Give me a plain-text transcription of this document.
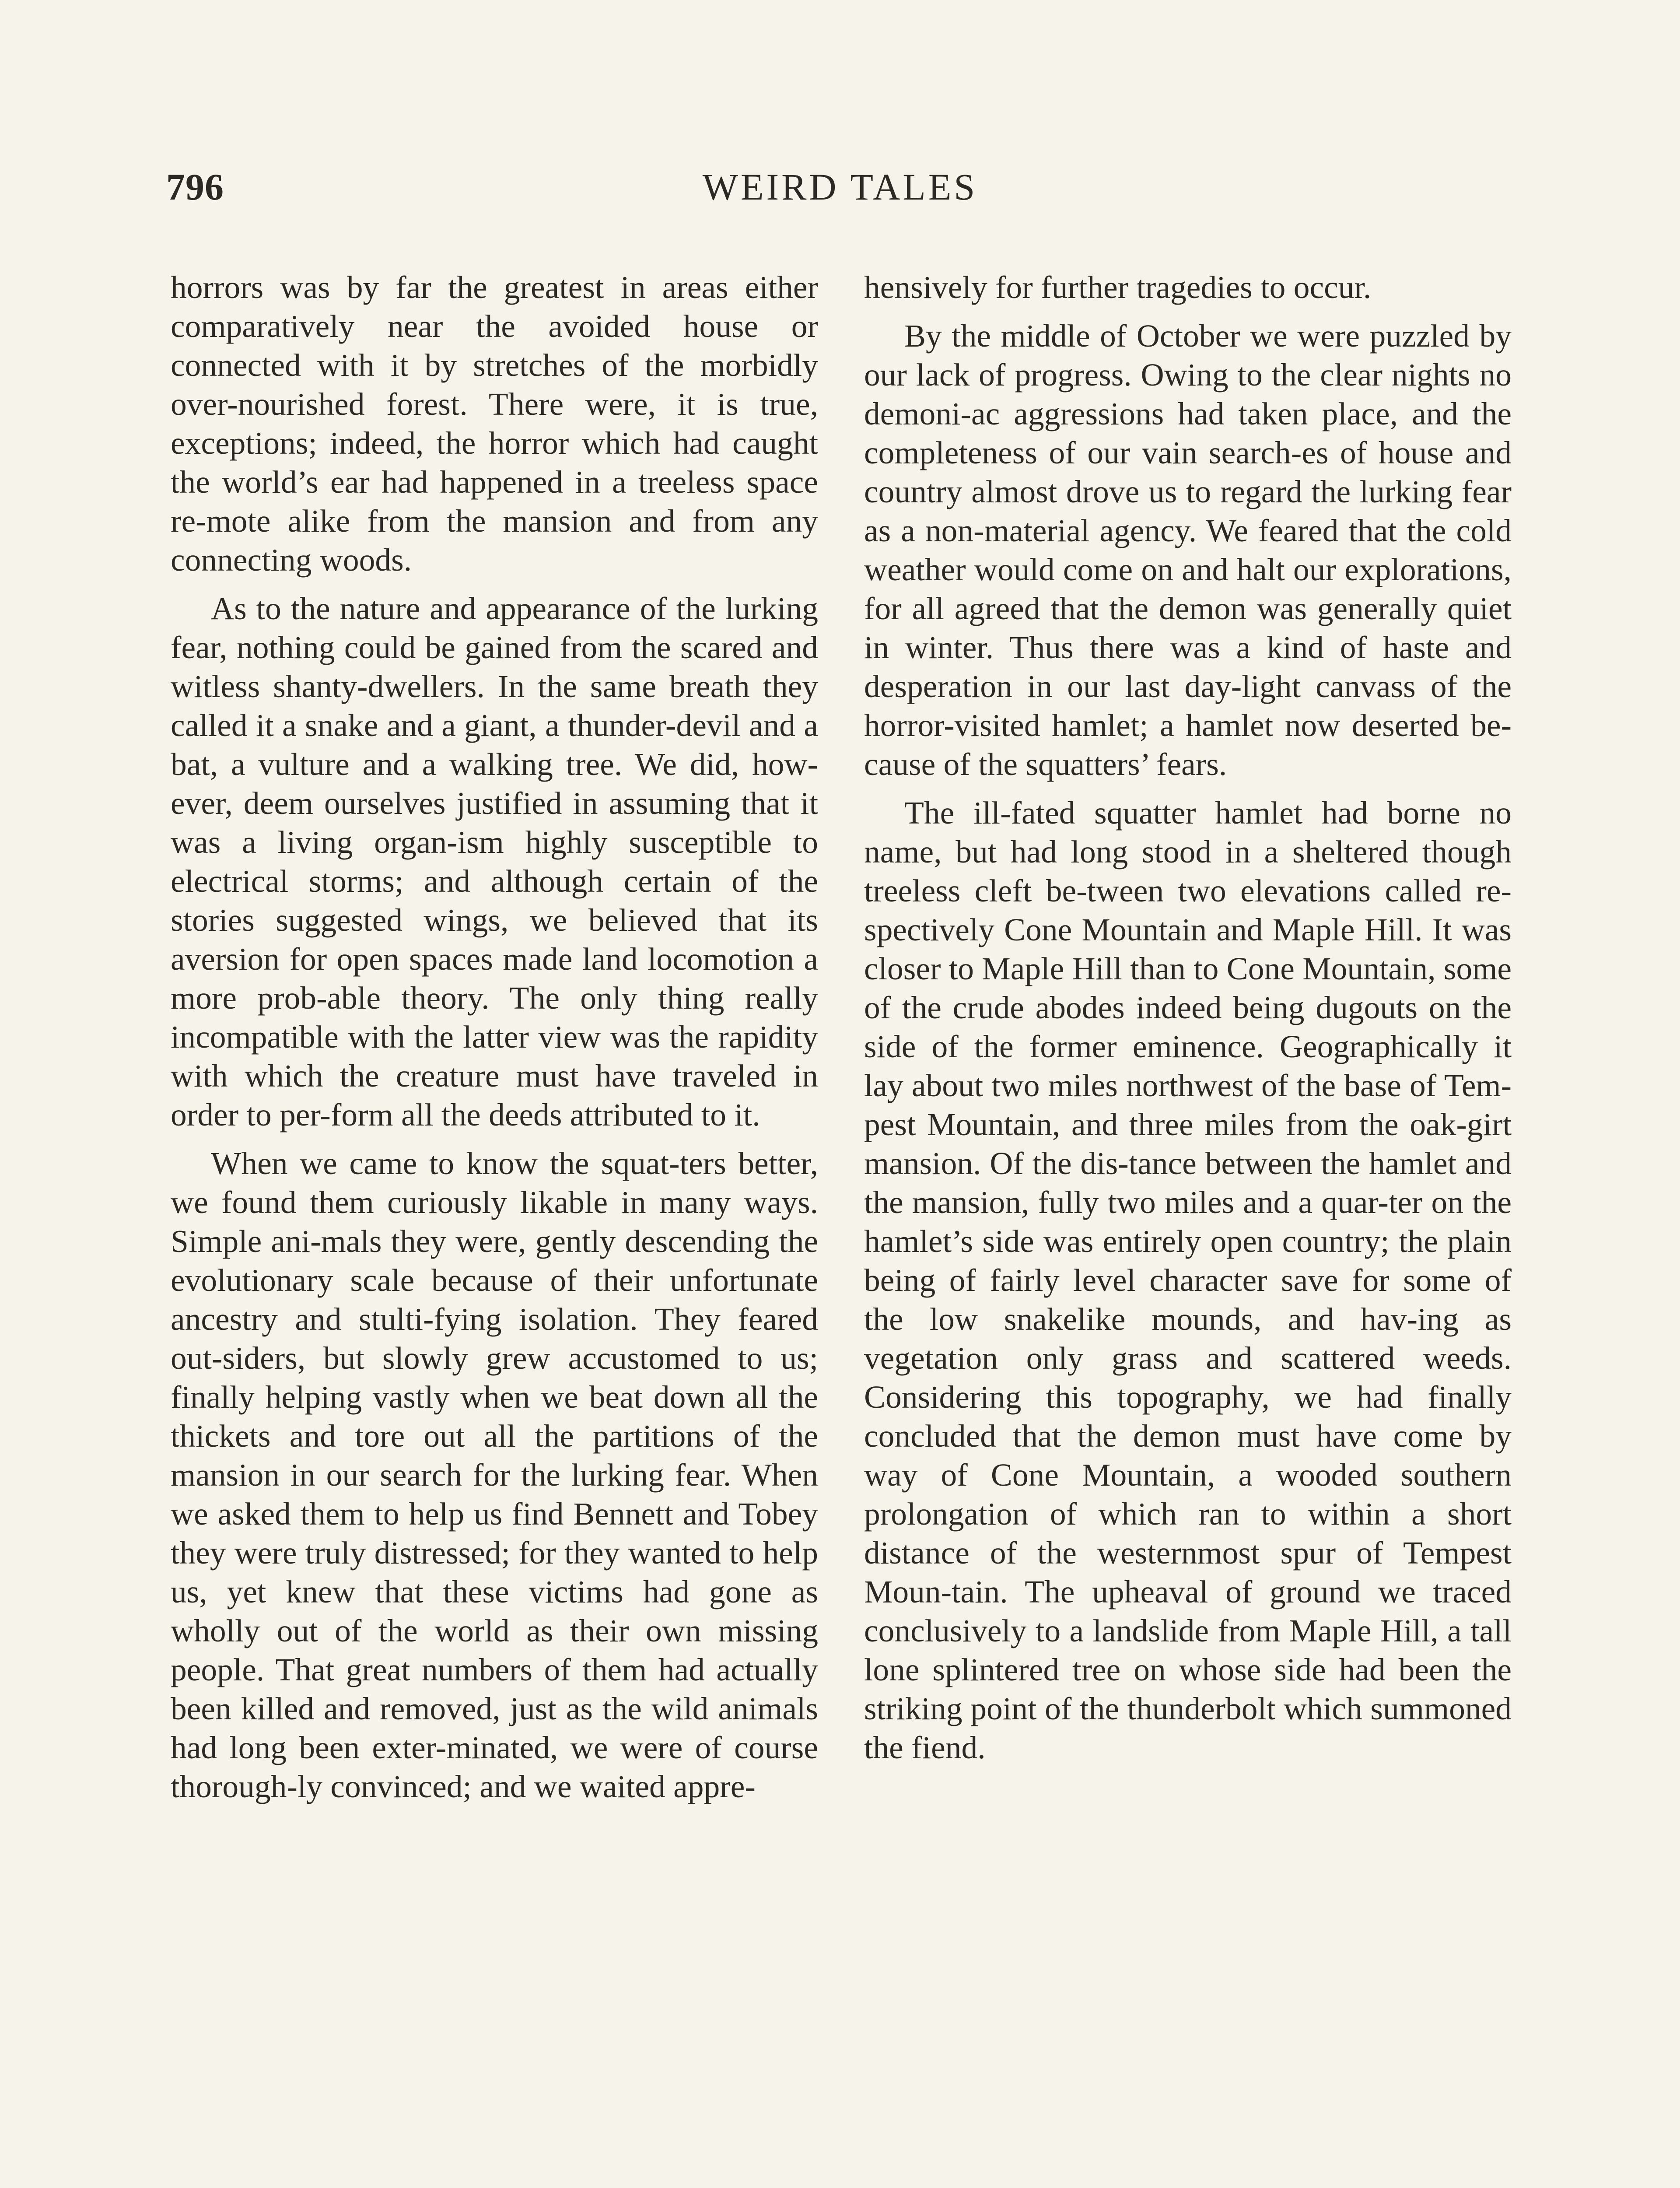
796	WEIRD TALES

horrors was by far the greatest in areas either comparatively near the avoided house or connected with it by stretches of the morbidly over-nourished forest. There were, it is true, exceptions; indeed, the horror which had caught the world’s ear had happened in a treeless space re-mote alike from the mansion and from any connecting woods.

As to the nature and appearance of the lurking fear, nothing could be gained from the scared and witless shanty-dwellers. In the same breath they called it a snake and a giant, a thunder-devil and a bat, a vulture and a walking tree. We did, how-ever, deem ourselves justified in assuming that it was a living organ-ism highly susceptible to electrical storms; and although certain of the stories suggested wings, we believed that its aversion for open spaces made land locomotion a more prob-able theory. The only thing really incompatible with the latter view was the rapidity with which the creature must have traveled in order to per-form all the deeds attributed to it.

When we came to know the squat-ters better, we found them curiously likable in many ways. Simple ani-mals they were, gently descending the evolutionary scale because of their unfortunate ancestry and stulti-fying isolation. They feared out-siders, but slowly grew accustomed to us; finally helping vastly when we beat down all the thickets and tore out all the partitions of the mansion in our search for the lurking fear. When we asked them to help us find Bennett and Tobey they were truly distressed; for they wanted to help us, yet knew that these victims had gone as wholly out of the world as their own missing people. That great numbers of them had actually been killed and removed, just as the wild animals had long been exter-minated, we were of course thorough-ly convinced; and we waited appre-

hensively for further tragedies to occur.

By the middle of October we were puzzled by our lack of progress. Owing to the clear nights no demoni-ac aggressions had taken place, and the completeness of our vain search-es of house and country almost drove us to regard the lurking fear as a non-material agency. We feared that the cold weather would come on and halt our explorations, for all agreed that the demon was generally quiet in winter. Thus there was a kind of haste and desperation in our last day-light canvass of the horror-visited hamlet; a hamlet now deserted be-cause of the squatters’ fears.

The ill-fated squatter hamlet had borne no name, but had long stood in a sheltered though treeless cleft be-tween two elevations called re-spectively Cone Mountain and Maple Hill. It was closer to Maple Hill than to Cone Mountain, some of the crude abodes indeed being dugouts on the side of the former eminence. Geographically it lay about two miles northwest of the base of Tem-pest Mountain, and three miles from the oak-girt mansion. Of the dis-tance between the hamlet and the mansion, fully two miles and a quar-ter on the hamlet’s side was entirely open country; the plain being of fairly level character save for some of the low snakelike mounds, and hav-ing as vegetation only grass and scattered weeds. Considering this topography, we had finally concluded that the demon must have come by way of Cone Mountain, a wooded southern prolongation of which ran to within a short distance of the westernmost spur of Tempest Moun-tain. The upheaval of ground we traced conclusively to a landslide from Maple Hill, a tall lone splintered tree on whose side had been the striking point of the thunderbolt which summoned the fiend.
